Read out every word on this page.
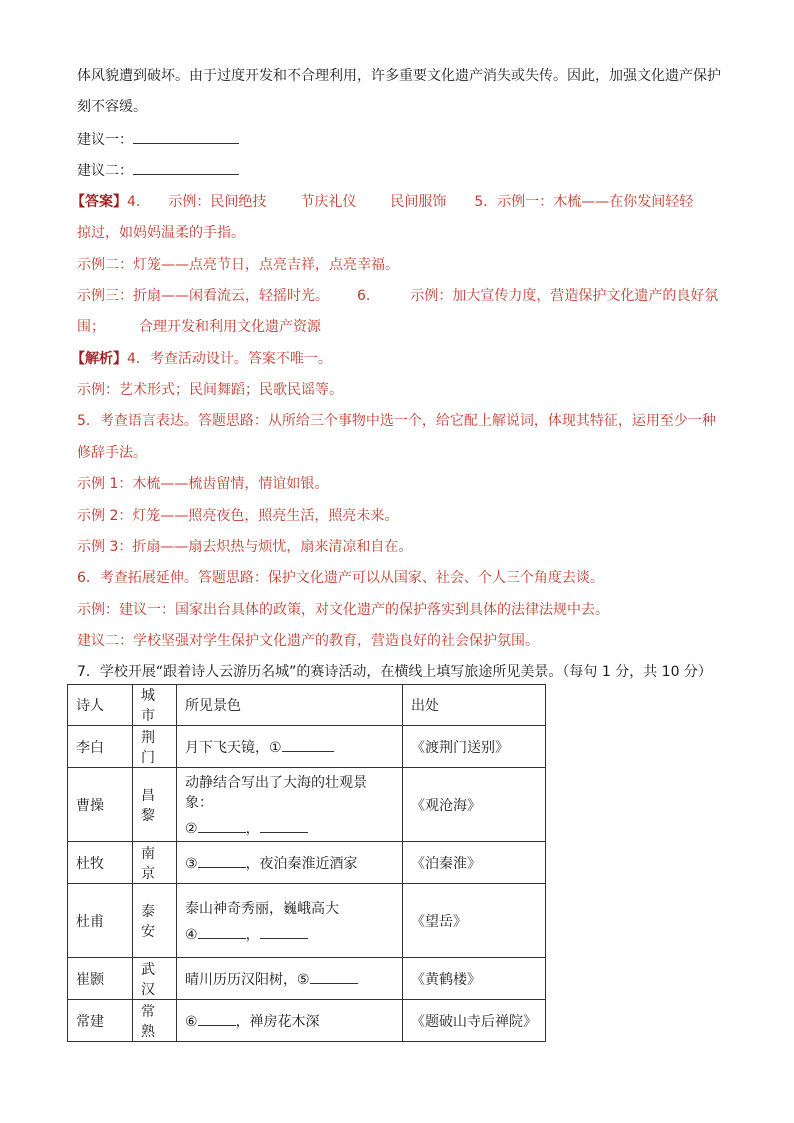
体风貌遭到破坏。由于过度开发和不合理利用，许多重要文化遗产消失或失传。因此，加强文化遗产保护
刻不容缓。
建议一：
建议二：
【答案】4. 示例：民间绝技 节庆礼仪 民间服饰 5．示例一：木梳——在你发间轻轻
掠过，如妈妈温柔的手指。
示例二：灯笼——点亮节日，点亮吉祥，点亮幸福。
示例三：折扇——闲看流云，轻摇时光。 6.	示例：加大宣传力度，营造保护文化遗产的良好氛
围； 合理开发和利用文化遗产资源
【解析】4．考查活动设计。答案不唯一。
示例：艺术形式；民间舞蹈；民歌民谣等。
5．考查语言表达。答题思路：从所给三个事物中选一个，给它配上解说词，体现其特征，运用至少一种
修辞手法。
示例 1：木梳——梳齿留情，情谊如银。
示例 2：灯笼——照亮夜色，照亮生活，照亮未来。
示例 3：折扇——扇去炽热与烦忧，扇来清凉和自在。
6．考查拓展延伸。答题思路：保护文化遗产可以从国家、社会、个人三个角度去谈。
示例：建议一：国家出台具体的政策，对文化遗产的保护落实到具体的法律法规中去。
建议二：学校坚强对学生保护文化遗产的教育，营造良好的社会保护氛围。
7．学校开展“跟着诗人云游历名城”的赛诗活动，在横线上填写旅途所见美景。（每句 1 分，共 10 分）
诗人	城市	所见景色	出处
李白	荆门	月下飞天镜，①	《渡荆门送别》
曹操	昌黎	动静结合写出了大海的壮观景象：
② ，	《观沧海》
杜牧	南京	③ ，夜泊秦淮近酒家	《泊秦淮》
杜甫	泰安	泰山神奇秀丽，巍峨高大
④ ，	《望岳》
崔颢	武汉	晴川历历汉阳树，⑤	《黄鹤楼》
常建	常熟	⑥ ，禅房花木深	《题破山寺后禅院》
